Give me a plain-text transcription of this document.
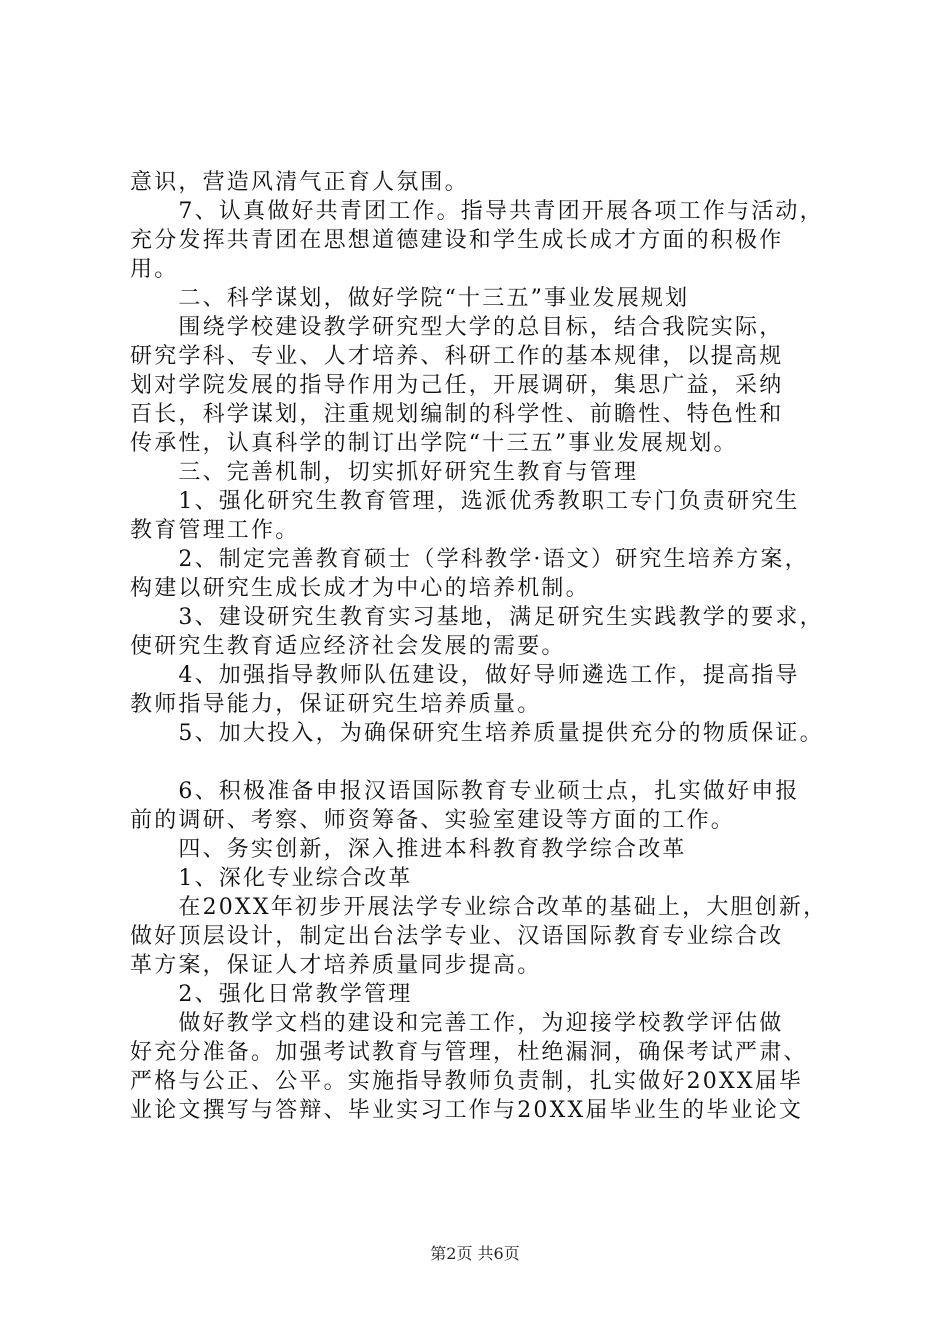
意识，营造风清气正育人氛围。
　　7、认真做好共青团工作。指导共青团开展各项工作与活动，
充分发挥共青团在思想道德建设和学生成长成才方面的积极作
用。
　　二、科学谋划，做好学院“十三五”事业发展规划
　　围绕学校建设教学研究型大学的总目标，结合我院实际，
研究学科、专业、人才培养、科研工作的基本规律，以提高规
划对学院发展的指导作用为己任，开展调研，集思广益，采纳
百长，科学谋划，注重规划编制的科学性、前瞻性、特色性和
传承性，认真科学的制订出学院“十三五”事业发展规划。
　　三、完善机制，切实抓好研究生教育与管理
　　1、强化研究生教育管理，选派优秀教职工专门负责研究生
教育管理工作。
　　2、制定完善教育硕士（学科教学·语文）研究生培养方案，
构建以研究生成长成才为中心的培养机制。
　　3、建设研究生教育实习基地，满足研究生实践教学的要求，
使研究生教育适应经济社会发展的需要。
　　4、加强指导教师队伍建设，做好导师遴选工作，提高指导
教师指导能力，保证研究生培养质量。
　　5、加大投入，为确保研究生培养质量提供充分的物质保证。
　　6、积极准备申报汉语国际教育专业硕士点，扎实做好申报
前的调研、考察、师资筹备、实验室建设等方面的工作。
　　四、务实创新，深入推进本科教育教学综合改革
　　1、深化专业综合改革
　　在20XX年初步开展法学专业综合改革的基础上，大胆创新，
做好顶层设计，制定出台法学专业、汉语国际教育专业综合改
革方案，保证人才培养质量同步提高。
　　2、强化日常教学管理
　　做好教学文档的建设和完善工作，为迎接学校教学评估做
好充分准备。加强考试教育与管理，杜绝漏洞，确保考试严肃、
严格与公正、公平。实施指导教师负责制，扎实做好20XX届毕
业论文撰写与答辩、毕业实习工作与20XX届毕业生的毕业论文
第2页 共6页
